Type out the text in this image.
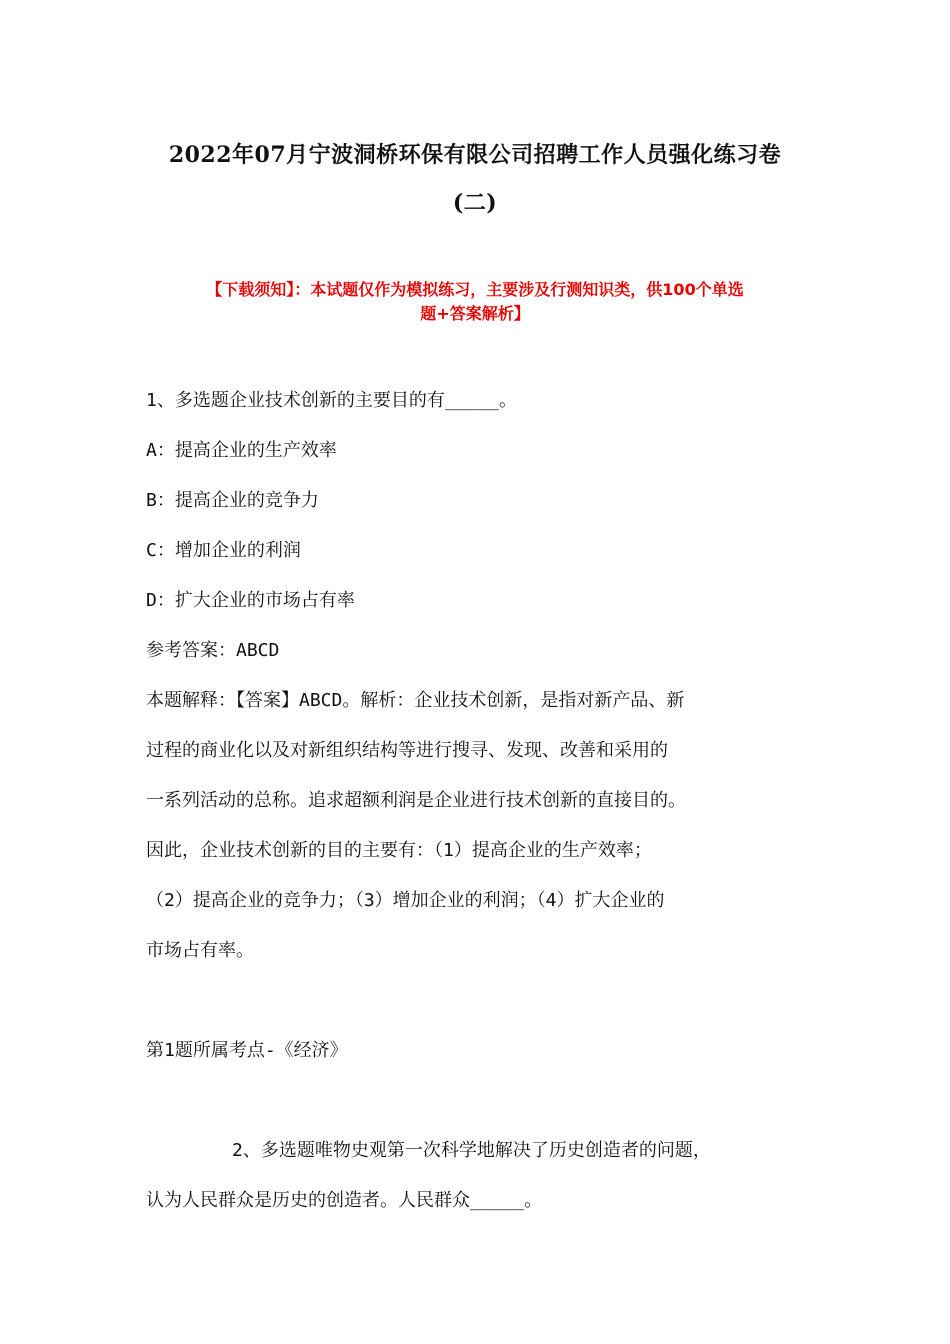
2022年07月宁波洞桥环保有限公司招聘工作人员强化练习卷
(二)
【下载须知】：本试题仅作为模拟练习，主要涉及行测知识类，供100个单选
题+答案解析】
1、多选题企业技术创新的主要目的有_____。
A：提高企业的生产效率
B：提高企业的竞争力
C：增加企业的利润
D：扩大企业的市场占有率
参考答案：ABCD
本题解释：【答案】ABCD。解析：企业技术创新，是指对新产品、新
过程的商业化以及对新组织结构等进行搜寻、发现、改善和采用的
一系列活动的总称。追求超额利润是企业进行技术创新的直接目的。
因此，企业技术创新的目的主要有：（1）提高企业的生产效率；
（2）提高企业的竞争力；（3）增加企业的利润；（4）扩大企业的
市场占有率。
第1题所属考点-《经济》
2、多选题唯物史观第一次科学地解决了历史创造者的问题，
认为人民群众是历史的创造者。人民群众_____。
